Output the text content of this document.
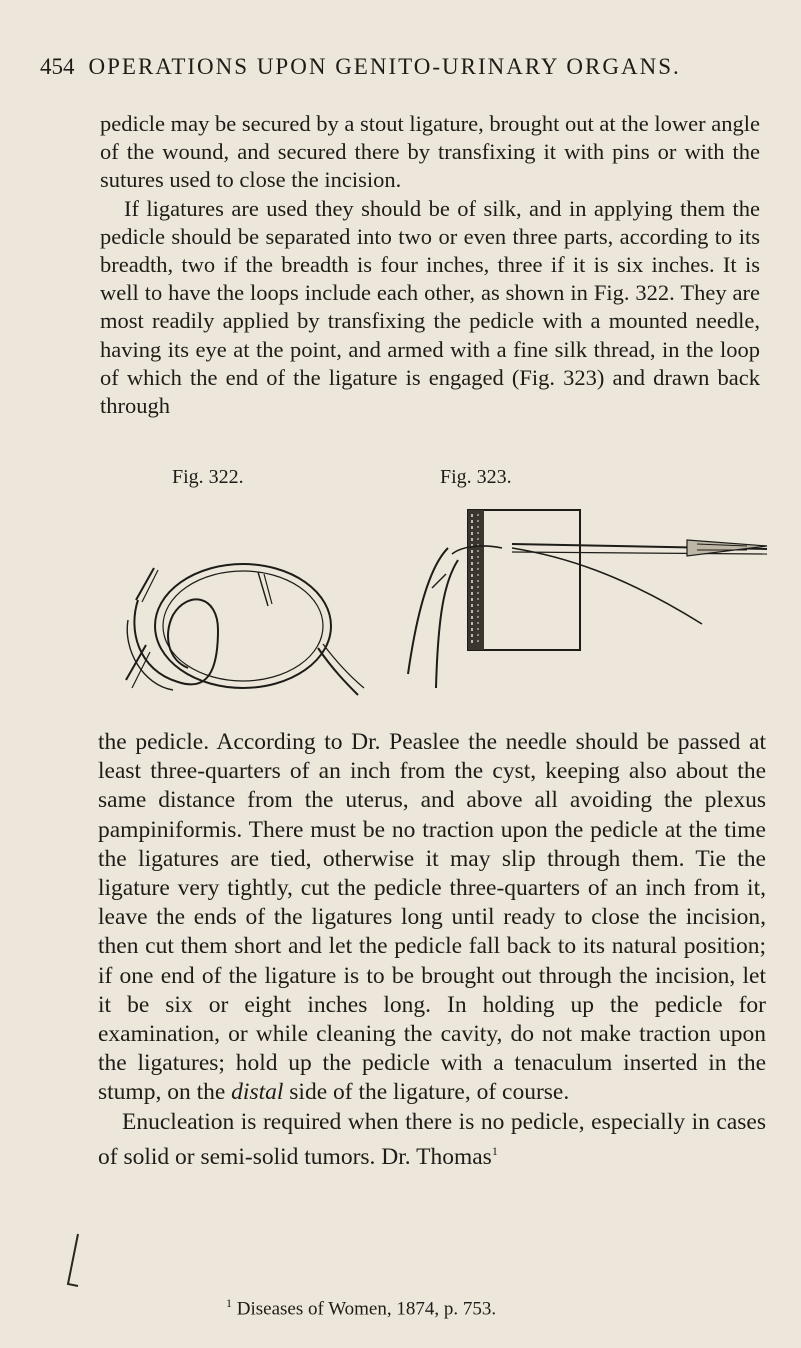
454 OPERATIONS UPON GENITO-URINARY ORGANS.

pedicle may be secured by a stout ligature, brought out at the lower angle of the wound, and secured there by transfixing it with pins or with the sutures used to close the incision.

If ligatures are used they should be of silk, and in applying them the pedicle should be separated into two or even three parts, according to its breadth, two if the breadth is four inches, three if it is six inches. It is well to have the loops include each other, as shown in Fig. 322. They are most readily applied by transfixing the pedicle with a mounted needle, having its eye at the point, and armed with a fine silk thread, in the loop of which the end of the ligature is engaged (Fig. 323) and drawn back through

Fig. 322.	Fig. 323.

the pedicle. According to Dr. Peaslee the needle should be passed at least three-quarters of an inch from the cyst, keeping also about the same distance from the uterus, and above all avoiding the plexus pampiniformis. There must be no traction upon the pedicle at the time the ligatures are tied, otherwise it may slip through them. Tie the ligature very tightly, cut the pedicle three-quarters of an inch from it, leave the ends of the ligatures long until ready to close the incision, then cut them short and let the pedicle fall back to its natural position; if one end of the ligature is to be brought out through the incision, let it be six or eight inches long. In holding up the pedicle for examination, or while cleaning the cavity, do not make traction upon the ligatures; hold up the pedicle with a tenaculum inserted in the stump, on the distal side of the ligature, of course.

Enucleation is required when there is no pedicle, especially in cases of solid or semi-solid tumors. Dr. Thomas$^1$

$^1$ Diseases of Women, 1874, p. 753.
